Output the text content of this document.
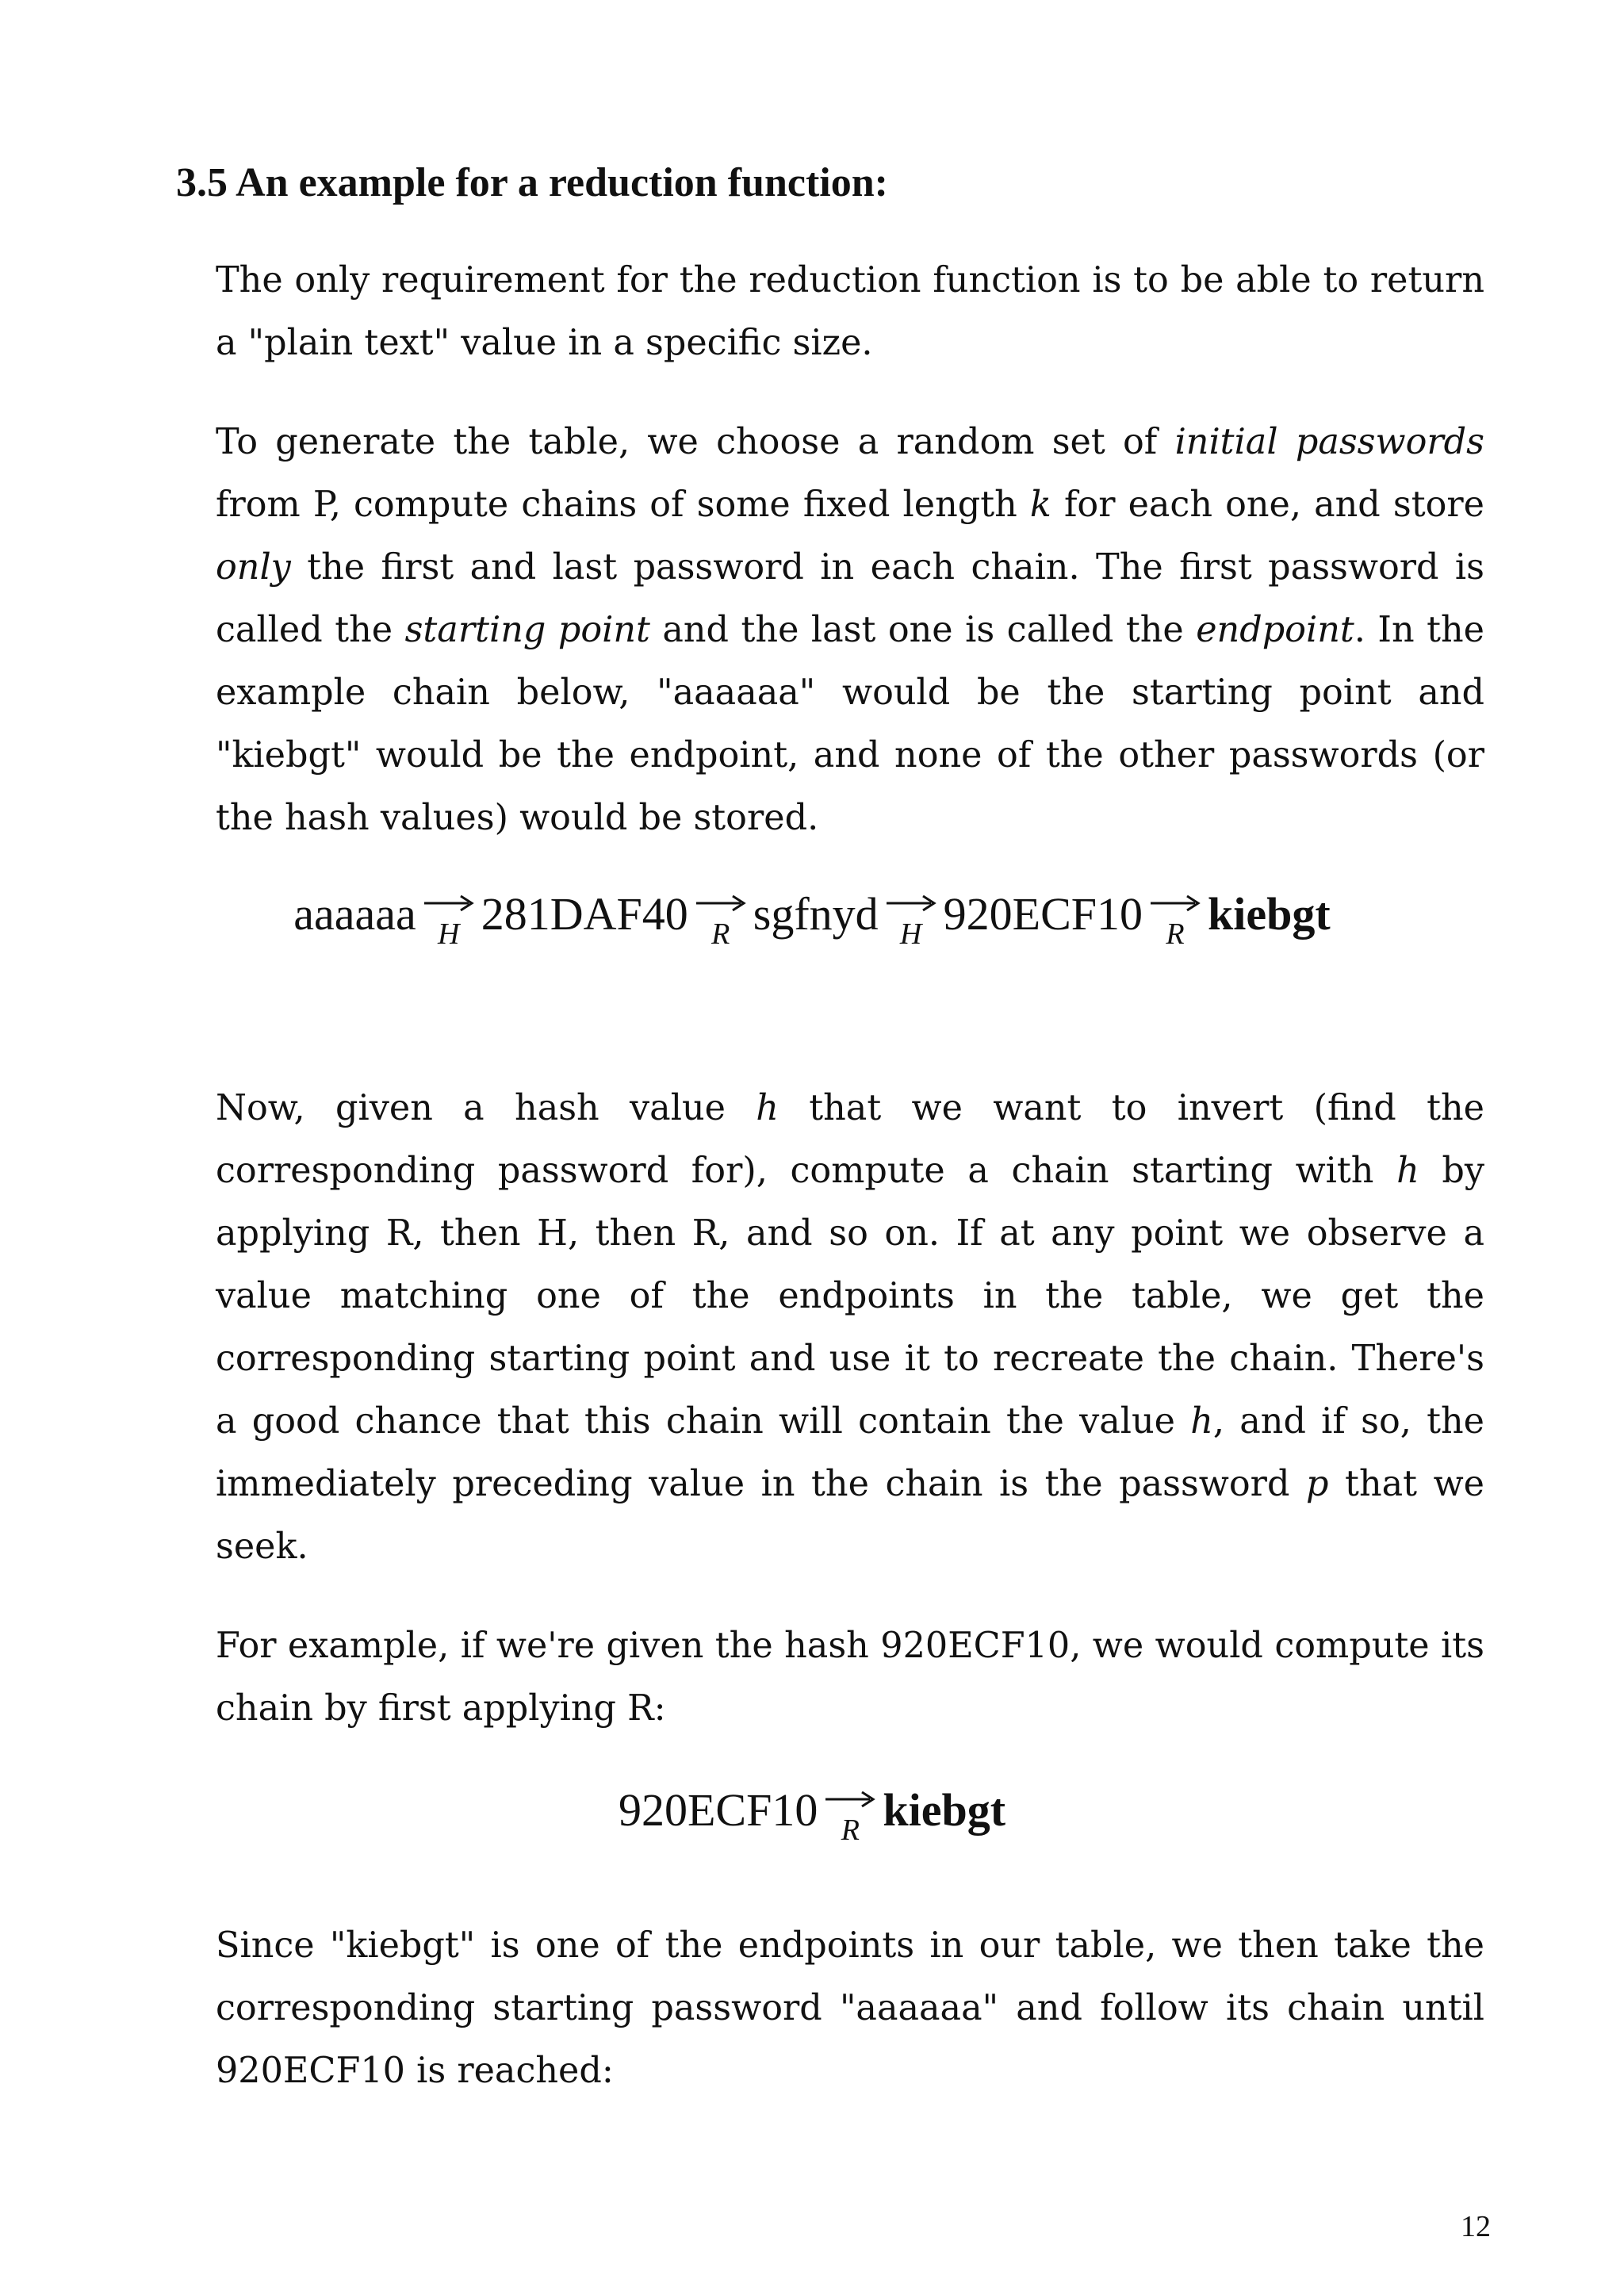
3.5 An example for a reduction function:

The only requirement for the reduction function is to be able to return a "plain text" value in a specific size.

To generate the table, we choose a random set of initial passwords from P, compute chains of some fixed length k for each one, and store only the first and last password in each chain. The first password is called the starting point and the last one is called the endpoint. In the example chain below, "aaaaaa" would be the starting point and "kiebgt" would be the endpoint, and none of the other passwords (or the hash values) would be stored.

aaaaaa H 281DAF40 R sgfnyd H 920ECF10 R kiebgt

Now, given a hash value h that we want to invert (find the corresponding password for), compute a chain starting with h by applying R, then H, then R, and so on. If at any point we observe a value matching one of the endpoints in the table, we get the corresponding starting point and use it to recreate the chain. There's a good chance that this chain will contain the value h, and if so, the immediately preceding value in the chain is the password p that we seek.

For example, if we're given the hash 920ECF10, we would compute its chain by first applying R:

920ECF10 R kiebgt

Since "kiebgt" is one of the endpoints in our table, we then take the corresponding starting password "aaaaaa" and follow its chain until 920ECF10 is reached:

12
